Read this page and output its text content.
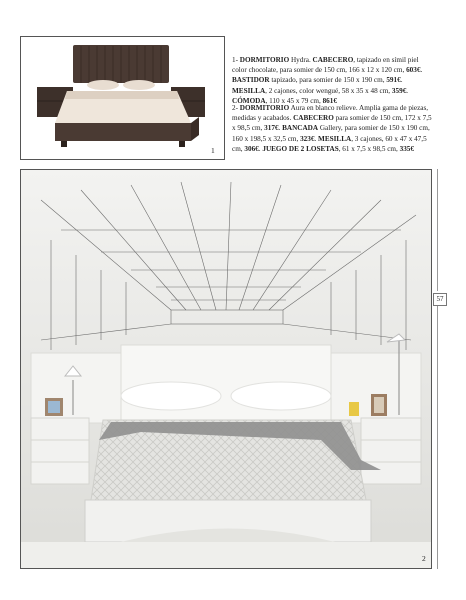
1
1- DORMITORIO Hydra. CABECERO, tapizado en símil piel color chocolate, para somier de 150 cm, 166 x 12 x 120 cm, 603€. BASTIDOR tapizado, para somier de 150 x 190 cm, 591€. MESILLA, 2 cajones, color wengué, 58 x 35 x 48 cm, 359€. CÓMODA, 110 x 45 x 79 cm, 861€
2- DORMITORIO Aura en blanco relieve. Amplia gama de piezas, medidas y acabados. CABECERO para somier de 150 cm, 172 x 7,5 x 98,5 cm, 317€. BANCADA Gallery, para somier de 150 x 190 cm, 160 x 198,5 x 32,5 cm, 323€. MESILLA, 3 cajones, 60 x 47 x 47,5 cm, 306€. JUEGO DE 2 LOSETAS, 61 x 7,5 x 98,5 cm, 335€
57
2
